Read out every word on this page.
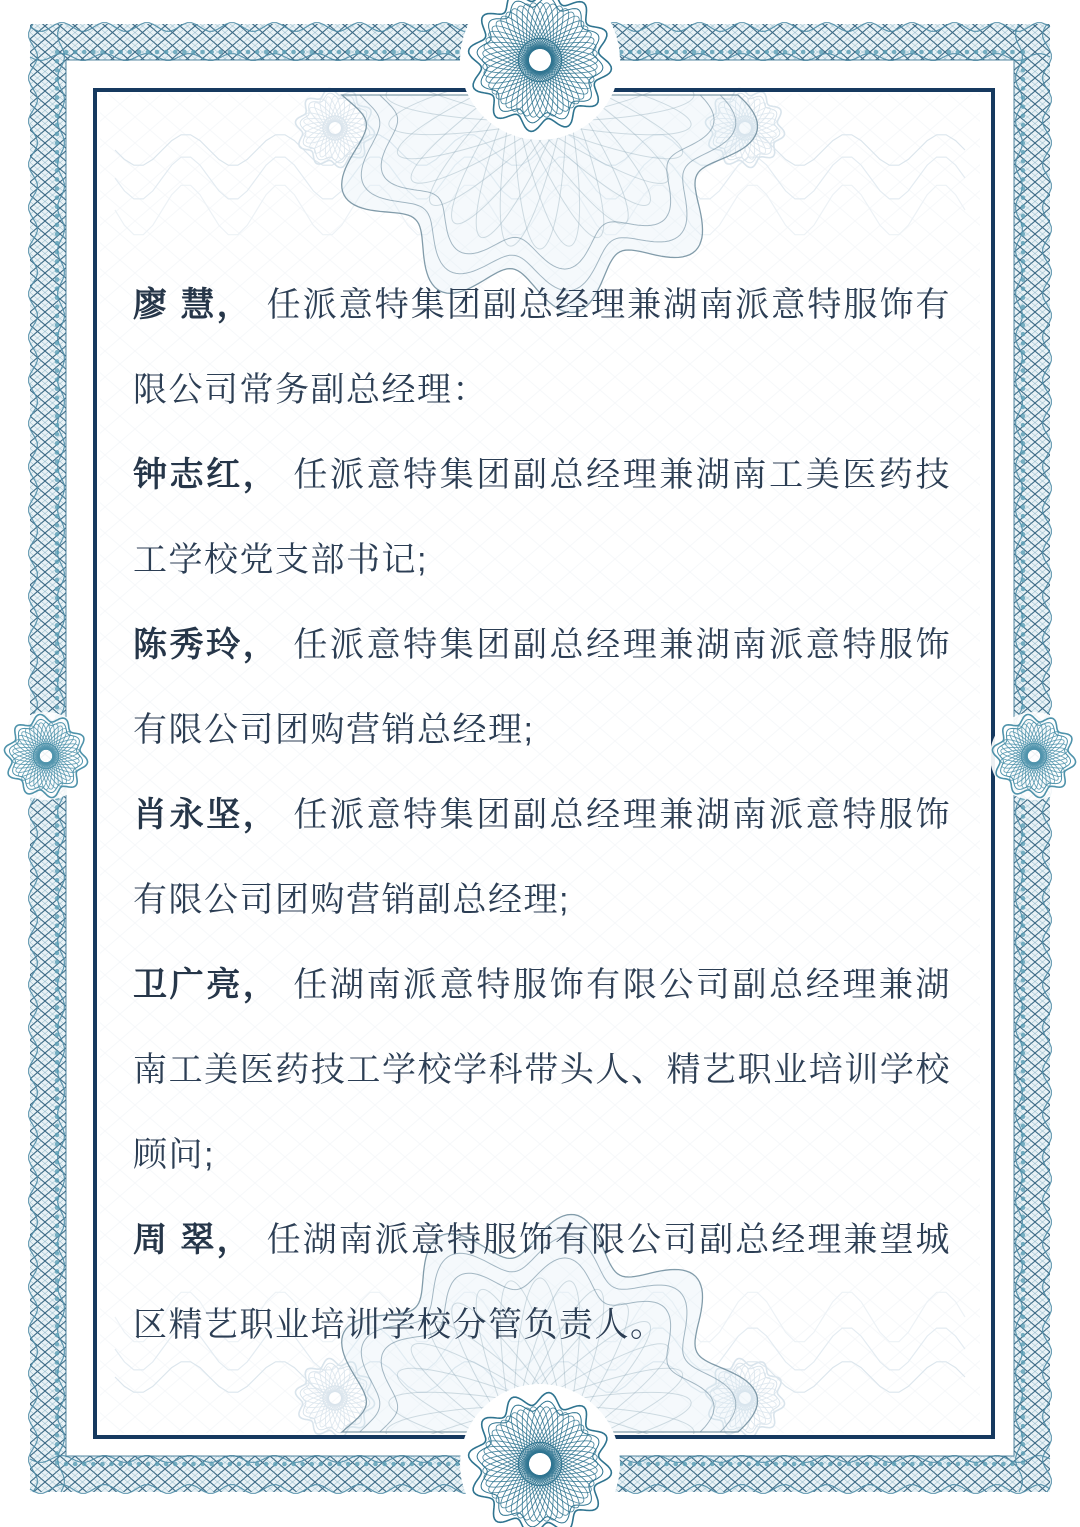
廖 慧， 任派意特集团副总经理兼湖南派意特服饰有限公司常务副总经理：

钟志红， 任派意特集团副总经理兼湖南工美医药技工学校党支部书记;

陈秀玲， 任派意特集团副总经理兼湖南派意特服饰有限公司团购营销总经理;

肖永坚， 任派意特集团副总经理兼湖南派意特服饰有限公司团购营销副总经理;

卫广亮， 任湖南派意特服饰有限公司副总经理兼湖南工美医药技工学校学科带头人、精艺职业培训学校顾问;

周 翠， 任湖南派意特服饰有限公司副总经理兼望城区精艺职业培训学校分管负责人。
